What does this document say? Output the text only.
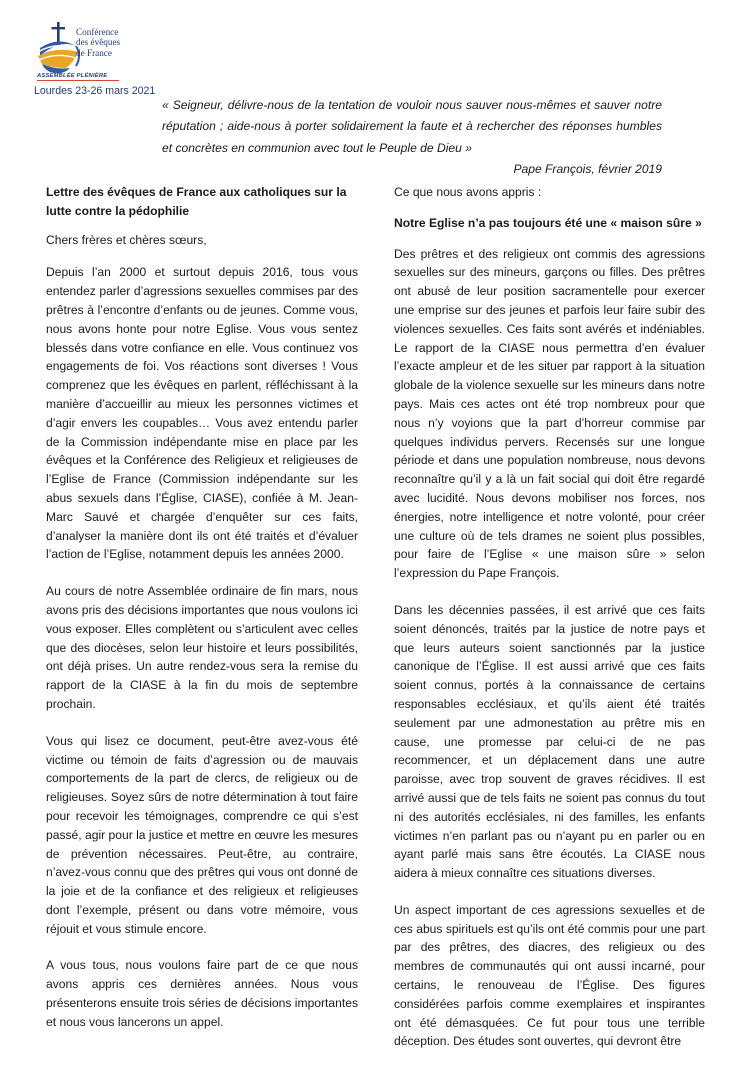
Conférence
des évêques
de France
ASSEMBLÉE PLÉNIÈRE
Lourdes 23-26 mars 2021

« Seigneur, délivre-nous de la tentation de vouloir nous sauver nous-mêmes et sauver notre réputation ; aide-nous à porter solidairement la faute et à rechercher des réponses humbles et concrètes en communion avec tout le Peuple de Dieu »

Pape François, février 2019

Lettre des évêques de France aux catholiques sur la lutte contre la pédophilie

Chers frères et chères sœurs,

Depuis l’an 2000 et surtout depuis 2016, tous vous entendez parler d’agressions sexuelles commises par des prêtres à l’encontre d’enfants ou de jeunes. Comme vous, nous avons honte pour notre Eglise. Vous vous sentez blessés dans votre confiance en elle. Vous continuez vos engagements de foi. Vos réactions sont diverses ! Vous comprenez que les évêques en parlent, réfléchissant à la manière d’accueillir au mieux les personnes victimes et d’agir envers les coupables… Vous avez entendu parler de la Commission indépendante mise en place par les évêques et la Conférence des Religieux et religieuses de l’Eglise de France (Commission indépendante sur les abus sexuels dans l’Église, CIASE), confiée à M. Jean-Marc Sauvé et chargée d’enquêter sur ces faits, d’analyser la manière dont ils ont été traités et d’évaluer l’action de l’Eglise, notamment depuis les années 2000.

Au cours de notre Assemblée ordinaire de fin mars, nous avons pris des décisions importantes que nous voulons ici vous exposer. Elles complètent ou s’articulent avec celles que des diocèses, selon leur histoire et leurs possibilités, ont déjà prises. Un autre rendez-vous sera la remise du rapport de la CIASE à la fin du mois de septembre prochain.

Vous qui lisez ce document, peut-être avez-vous été victime ou témoin de faits d’agression ou de mauvais comportements de la part de clercs, de religieux ou de religieuses. Soyez sûrs de notre détermination à tout faire pour recevoir les témoignages, comprendre ce qui s’est passé, agir pour la justice et mettre en œuvre les mesures de prévention nécessaires. Peut-être, au contraire, n’avez-vous connu que des prêtres qui vous ont donné de la joie et de la confiance et des religieux et religieuses dont l’exemple, présent ou dans votre mémoire, vous réjouit et vous stimule encore.

A vous tous, nous voulons faire part de ce que nous avons appris ces dernières années. Nous vous présenterons ensuite trois séries de décisions importantes et nous vous lancerons un appel.

Ce que nous avons appris :

Notre Eglise n’a pas toujours été une « maison sûre »

Des prêtres et des religieux ont commis des agressions sexuelles sur des mineurs, garçons ou filles. Des prêtres ont abusé de leur position sacramentelle pour exercer une emprise sur des jeunes et parfois leur faire subir des violences sexuelles. Ces faits sont avérés et indéniables. Le rapport de la CIASE nous permettra d’en évaluer l’exacte ampleur et de les situer par rapport à la situation globale de la violence sexuelle sur les mineurs dans notre pays. Mais ces actes ont été trop nombreux pour que nous n’y voyions que la part d’horreur commise par quelques individus pervers. Recensés sur une longue période et dans une population nombreuse, nous devons reconnaître qu’il y a là un fait social qui doit être regardé avec lucidité. Nous devons mobiliser nos forces, nos énergies, notre intelligence et notre volonté, pour créer une culture où de tels drames ne soient plus possibles, pour faire de l’Eglise « une maison sûre » selon l’expression du Pape François.

Dans les décennies passées, il est arrivé que ces faits soient dénoncés, traités par la justice de notre pays et que leurs auteurs soient sanctionnés par la justice canonique de l’Église. Il est aussi arrivé que ces faits soient connus, portés à la connaissance de certains responsables ecclésiaux, et qu’ils aient été traités seulement par une admonestation au prêtre mis en cause, une promesse par celui-ci de ne pas recommencer, et un déplacement dans une autre paroisse, avec trop souvent de graves récidives. Il est arrivé aussi que de tels faits ne soient pas connus du tout ni des autorités ecclésiales, ni des familles, les enfants victimes n’en parlant pas ou n’ayant pu en parler ou en ayant parlé mais sans être écoutés. La CIASE nous aidera à mieux connaître ces situations diverses.

Un aspect important de ces agressions sexuelles et de ces abus spirituels est qu’ils ont été commis pour une part par des prêtres, des diacres, des religieux ou des membres de communautés qui ont aussi incarné, pour certains, le renouveau de l’Église. Des figures considérées parfois comme exemplaires et inspirantes ont été démasquées. Ce fut pour tous une terrible déception. Des études sont ouvertes, qui devront être
